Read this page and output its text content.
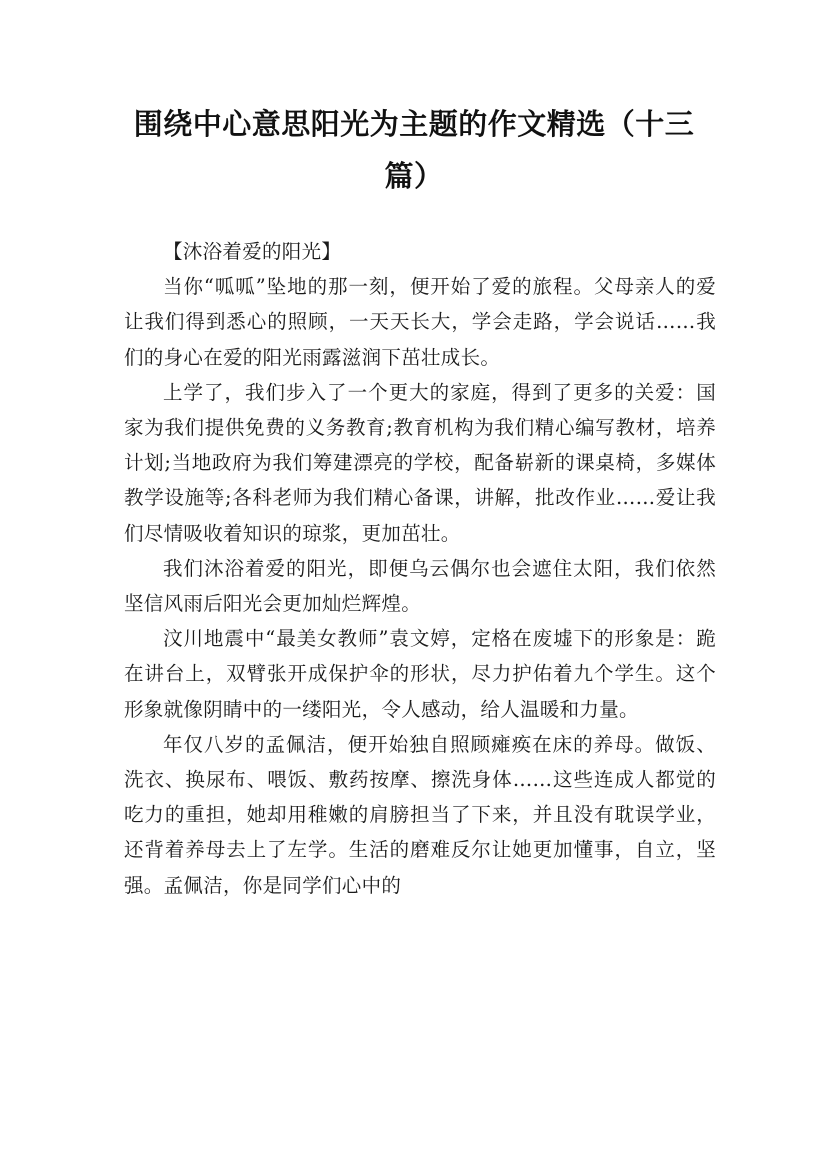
围绕中心意思阳光为主题的作文精选（十三篇）

【沐浴着爱的阳光】

当你“呱呱”坠地的那一刻，便开始了爱的旅程。父母亲人的爱让我们得到悉心的照顾，一天天长大，学会走路，学会说话……我们的身心在爱的阳光雨露滋润下茁壮成长。

上学了，我们步入了一个更大的家庭，得到了更多的关爱：国家为我们提供免费的义务教育;教育机构为我们精心编写教材，培养计划;当地政府为我们筹建漂亮的学校，配备崭新的课桌椅，多媒体教学设施等;各科老师为我们精心备课，讲解，批改作业……爱让我们尽情吸收着知识的琼浆，更加茁壮。

我们沐浴着爱的阳光，即便乌云偶尔也会遮住太阳，我们依然坚信风雨后阳光会更加灿烂辉煌。

汶川地震中“最美女教师”袁文婷，定格在废墟下的形象是：跪在讲台上，双臂张开成保护伞的形状，尽力护佑着九个学生。这个形象就像阴睛中的一缕阳光，令人感动，给人温暖和力量。

年仅八岁的孟佩洁，便开始独自照顾瘫痪在床的养母。做饭、洗衣、换尿布、喂饭、敷药按摩、擦洗身体……这些连成人都觉的吃力的重担，她却用稚嫩的肩膀担当了下来，并且没有耽误学业，还背着养母去上了左学。生活的磨难反尔让她更加懂事，自立，坚强。孟佩洁，你是同学们心中的
